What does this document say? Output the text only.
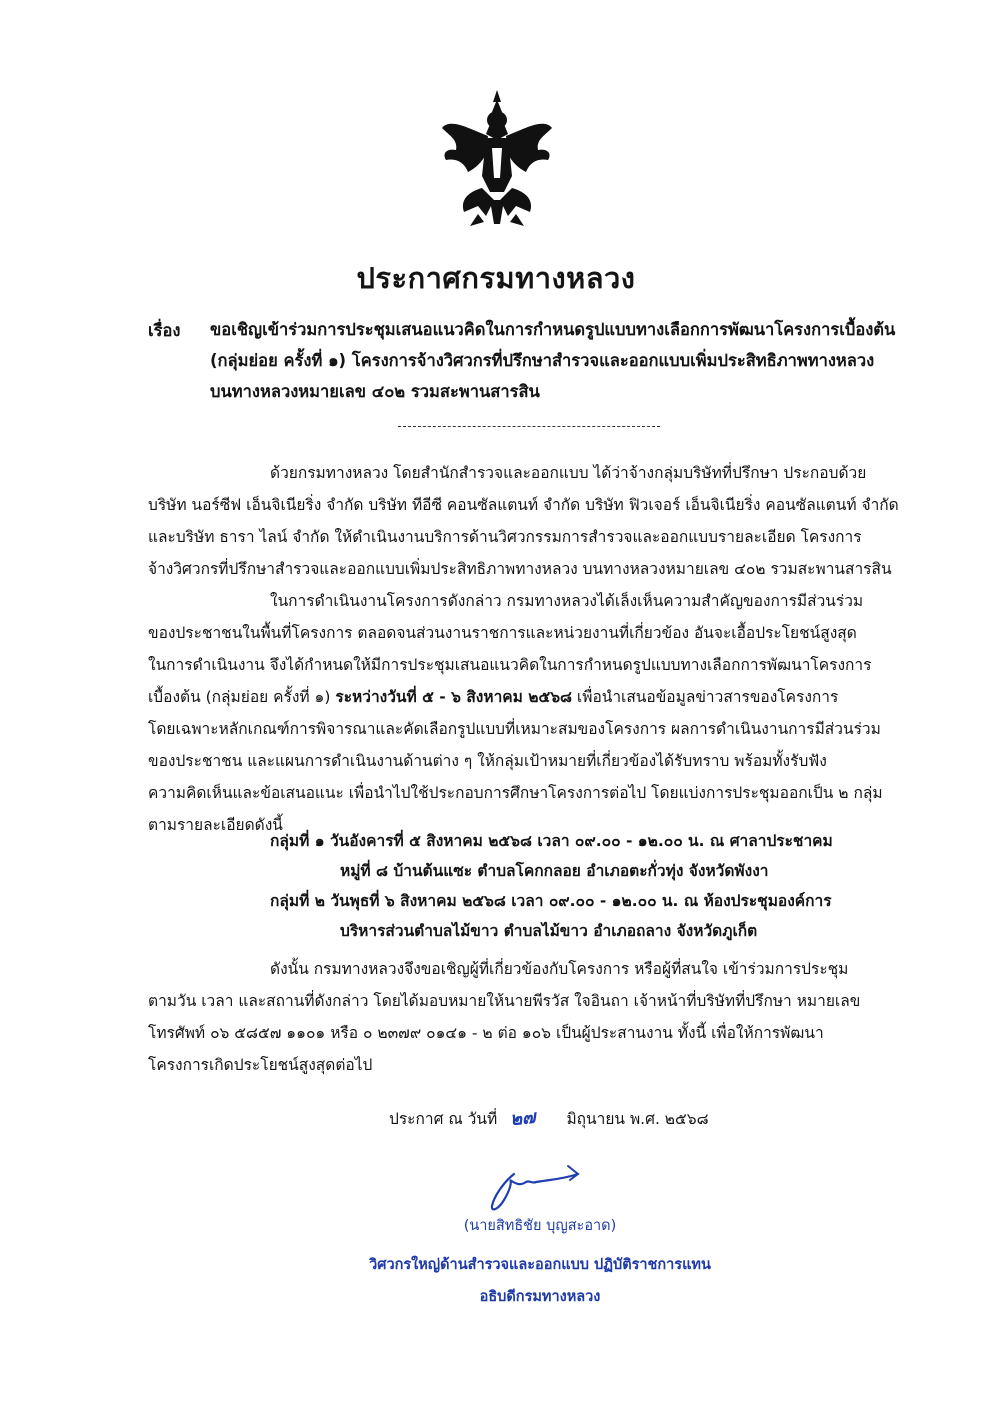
ประกาศกรมทางหลวง
เรื่อง ขอเชิญเข้าร่วมการประชุมเสนอแนวคิดในการกำหนดรูปแบบทางเลือกการพัฒนาโครงการเบื้องต้น
(กลุ่มย่อย ครั้งที่ ๑) โครงการจ้างวิศวกรที่ปรึกษาสำรวจและออกแบบเพิ่มประสิทธิภาพทางหลวง
บนทางหลวงหมายเลข ๔๐๒ รวมสะพานสารสิน
ด้วยกรมทางหลวง โดยสำนักสำรวจและออกแบบ ได้ว่าจ้างกลุ่มบริษัทที่ปรึกษา ประกอบด้วย
บริษัท นอร์ซีฟ เอ็นจิเนียริ่ง จำกัด บริษัท ทีอีซี คอนซัลแตนท์ จำกัด บริษัท ฟิวเจอร์ เอ็นจิเนียริ่ง คอนซัลแตนท์ จำกัด
และบริษัท ธารา ไลน์ จำกัด ให้ดำเนินงานบริการด้านวิศวกรรมการสำรวจและออกแบบรายละเอียด โครงการ
จ้างวิศวกรที่ปรึกษาสำรวจและออกแบบเพิ่มประสิทธิภาพทางหลวง บนทางหลวงหมายเลข ๔๐๒ รวมสะพานสารสิน
ในการดำเนินงานโครงการดังกล่าว กรมทางหลวงได้เล็งเห็นความสำคัญของการมีส่วนร่วม
ของประชาชนในพื้นที่โครงการ ตลอดจนส่วนงานราชการและหน่วยงานที่เกี่ยวข้อง อันจะเอื้อประโยชน์สูงสุด
ในการดำเนินงาน จึงได้กำหนดให้มีการประชุมเสนอแนวคิดในการกำหนดรูปแบบทางเลือกการพัฒนาโครงการ
เบื้องต้น (กลุ่มย่อย ครั้งที่ ๑) ระหว่างวันที่ ๕ - ๖ สิงหาคม ๒๕๖๘ เพื่อนำเสนอข้อมูลข่าวสารของโครงการ
โดยเฉพาะหลักเกณฑ์การพิจารณาและคัดเลือกรูปแบบที่เหมาะสมของโครงการ ผลการดำเนินงานการมีส่วนร่วม
ของประชาชน และแผนการดำเนินงานด้านต่าง ๆ ให้กลุ่มเป้าหมายที่เกี่ยวข้องได้รับทราบ พร้อมทั้งรับฟัง
ความคิดเห็นและข้อเสนอแนะ เพื่อนำไปใช้ประกอบการศึกษาโครงการต่อไป โดยแบ่งการประชุมออกเป็น ๒ กลุ่ม
ตามรายละเอียดดังนี้
กลุ่มที่ ๑ วันอังคารที่ ๕ สิงหาคม ๒๕๖๘ เวลา ๐๙.๐๐ - ๑๒.๐๐ น. ณ ศาลาประชาคม
หมู่ที่ ๘ บ้านต้นแซะ ตำบลโคกกลอย อำเภอตะกั่วทุ่ง จังหวัดพังงา
กลุ่มที่ ๒ วันพุธที่ ๖ สิงหาคม ๒๕๖๘ เวลา ๐๙.๐๐ - ๑๒.๐๐ น. ณ ห้องประชุมองค์การ
บริหารส่วนตำบลไม้ขาว ตำบลไม้ขาว อำเภอถลาง จังหวัดภูเก็ต
ดังนั้น กรมทางหลวงจึงขอเชิญผู้ที่เกี่ยวข้องกับโครงการ หรือผู้ที่สนใจ เข้าร่วมการประชุม
ตามวัน เวลา และสถานที่ดังกล่าว โดยได้มอบหมายให้นายพีรวัส ใจอินถา เจ้าหน้าที่บริษัทที่ปรึกษา หมายเลข
โทรศัพท์ ๐๖ ๕๘๕๗ ๑๑๐๑ หรือ ๐ ๒๓๗๙ ๐๑๔๑ - ๒ ต่อ ๑๐๖ เป็นผู้ประสานงาน ทั้งนี้ เพื่อให้การพัฒนา
โครงการเกิดประโยชน์สูงสุดต่อไป
ประกาศ ณ วันที่ ๒๗ มิถุนายน พ.ศ. ๒๕๖๘
(นายสิทธิชัย บุญสะอาด)
วิศวกรใหญ่ด้านสำรวจและออกแบบ ปฏิบัติราชการแทน
อธิบดีกรมทางหลวง
